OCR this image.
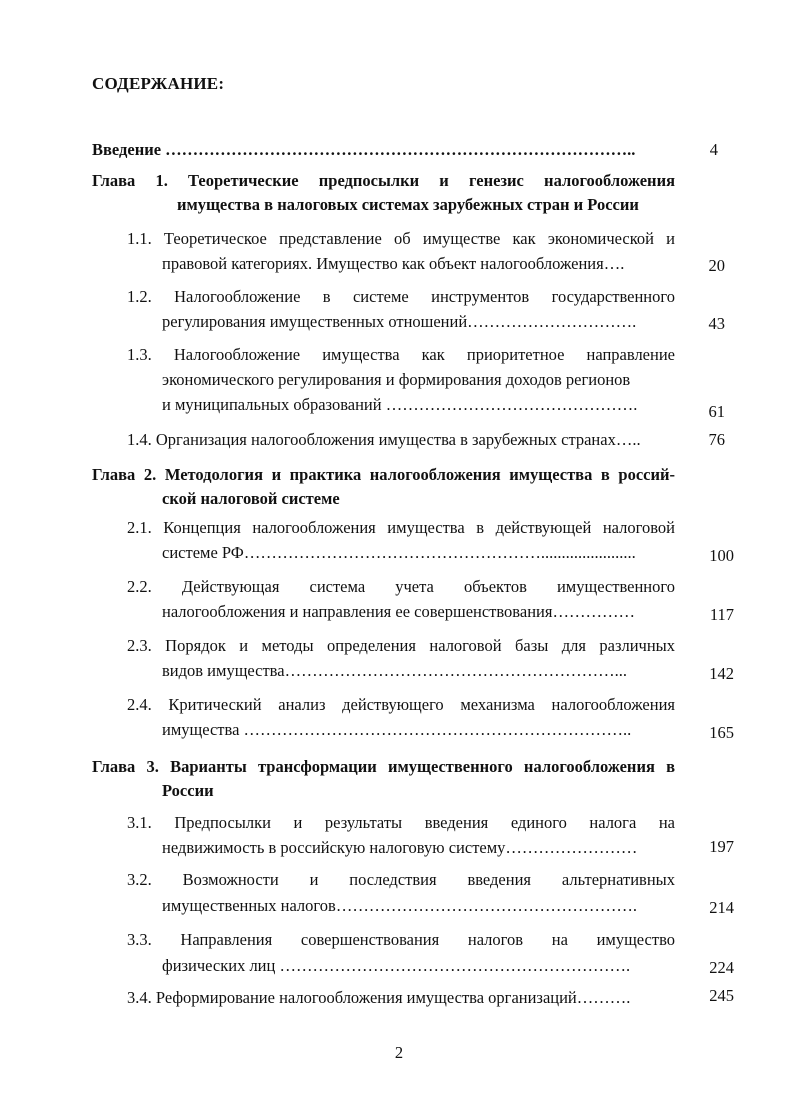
СОДЕРЖАНИЕ:
Введение …………………………………………………………………………..	4
Глава 1. Теоретические предпосылки и генезис налогообложения
имущества в налоговых системах зарубежных стран и России
1.1. Теоретическое представление об имуществе как экономической и
правовой категориях. Имущество как объект налогообложения….	20
1.2. Налогообложение в системе инструментов государственного
регулирования имущественных отношений………………………….	43
1.3. Налогообложение имущества как приоритетное направление
экономического регулирования и формирования доходов регионов
и муниципальных образований ……………………………………….	61
1.4. Организация налогообложения имущества в зарубежных странах…..	76
Глава 2. Методология и практика налогообложения имущества в россий-
ской налоговой системе
2.1. Концепция налогообложения имущества в действующей налоговой
системе РФ……………………………………………….......................	100
2.2. Действующая система учета объектов имущественного
налогообложения и направления ее совершенствования……………	117
2.3. Порядок и методы определения налоговой базы для различных
видов имущества……………………………………………………...	142
2.4. Критический анализ действующего механизма налогообложения
имущества ……………………………………………………………..	165
Глава 3. Варианты трансформации имущественного налогообложения в
России
3.1. Предпосылки и результаты введения единого налога на
недвижимость в российскую налоговую систему……………………	197
3.2. Возможности и последствия введения альтернативных
имущественных налогов……………………………………………….	214
3.3. Направления совершенствования налогов на имущество
физических лиц ……………………………………………………….	224
3.4. Реформирование налогообложения имущества организаций……….	245
2
